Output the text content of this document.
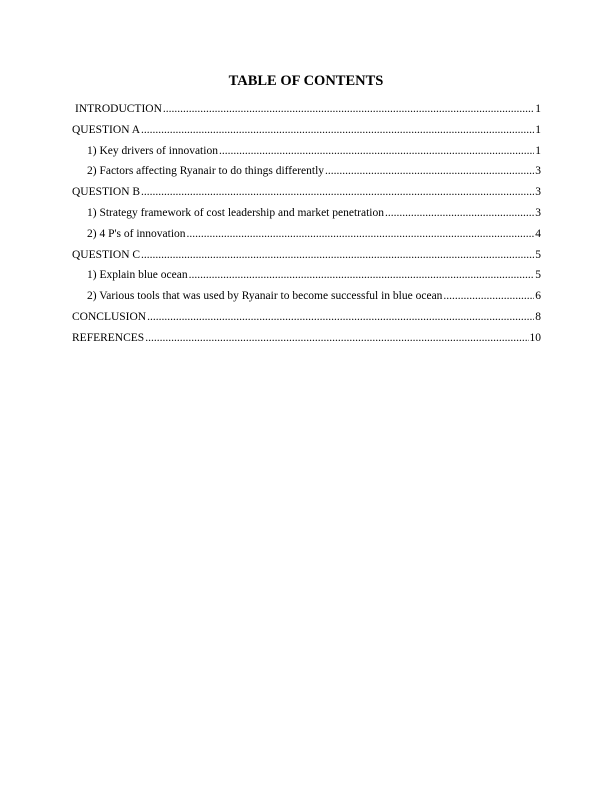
TABLE OF CONTENTS
INTRODUCTION .....	1
QUESTION A .....	1
1) Key drivers of innovation .....	1
2) Factors affecting Ryanair to do things differently .....	3
QUESTION B .....	3
1) Strategy framework of cost leadership and market penetration .....	3
2) 4 P's of innovation .....	4
QUESTION C .....	5
1) Explain blue ocean .....	5
2) Various tools that was used by Ryanair to become successful in blue ocean .....	6
CONCLUSION .....	8
REFERENCES .....	10
